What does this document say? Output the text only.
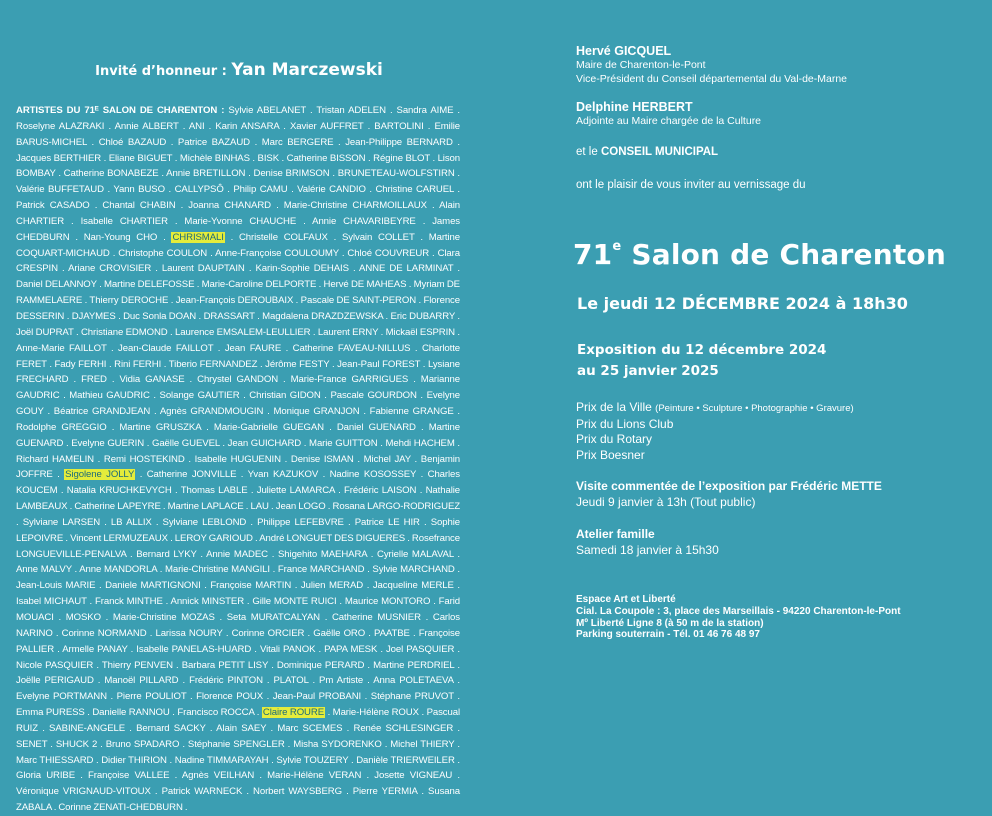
Invité d’honneur : Yan Marczewski
ARTISTES DU 71ᴱ SALON DE CHARENTON : Sylvie ABELANET . Tristan ADELEN . Sandra AIME . Roselyne ALAZRAKI . Annie ALBERT . ANI . Karin ANSARA . Xavier AUFFRET . BARTOLINI . Emilie BARUS-MICHEL . Chloé BAZAUD . Patrice BAZAUD . Marc BERGERE . Jean-Philippe BERNARD . Jacques BERTHIER . Eliane BIGUET . Michèle BINHAS . BISK . Catherine BISSON . Régine BLOT . Lison BOMBAY . Catherine BONABEZE . Annie BRETILLON . Denise BRIMSON . BRUNETEAU-WOLFSTIRN . Valérie BUFFETAUD . Yann BUSO . CALLYPSÔ . Philip CAMU . Valérie CANDIO . Christine CARUEL . Patrick CASADO . Chantal CHABIN . Joanna CHANARD . Marie-Christine CHARMOILLAUX . Alain CHARTIER . Isabelle CHARTIER . Marie-Yvonne CHAUCHE . Annie CHAVARIBEYRE . James CHEDBURN . Nan-Young CHO . CHRISMALI . Christelle COLFAUX . Sylvain COLLET . Martine COQUART-MICHAUD . Christophe COULON . Anne-Françoise COULOUMY . Chloé COUVREUR . Clara CRESPIN . Ariane CROVISIER . Laurent DAUPTAIN . Karin-Sophie DEHAIS . ANNE DE LARMINAT . Daniel DELANNOY . Martine DELEFOSSE . Marie-Caroline DELPORTE . Hervé DE MAHEAS . Myriam DE RAMMELAERE . Thierry DEROCHE . Jean-François DEROUBAIX . Pascale DE SAINT-PERON . Florence DESSERIN . DJAYMES . Duc Sonla DOAN . DRASSART . Magdalena DRAZDZEWSKA . Eric DUBARRY . Joël DUPRAT . Christiane EDMOND . Laurence EMSALEM-LEULLIER . Laurent ERNY . Mickaël ESPRIN . Anne-Marie FAILLOT . Jean-Claude FAILLOT . Jean FAURE . Catherine FAVEAU-NILLUS . Charlotte FERET . Fady FERHI . Rini FERHI . Tiberio FERNANDEZ . Jérôme FESTY . Jean-Paul FOREST . Lysiane FRECHARD . FRED . Vidia GANASE . Chrystel GANDON . Marie-France GARRIGUES . Marianne GAUDRIC . Mathieu GAUDRIC . Solange GAUTIER . Christian GIDON . Pascale GOURDON . Evelyne GOUY . Béatrice GRANDJEAN . Agnès GRANDMOUGIN . Monique GRANJON . Fabienne GRANGE . Rodolphe GREGGIO . Martine GRUSZKA . Marie-Gabrielle GUEGAN . Daniel GUENARD . Martine GUENARD . Evelyne GUERIN . Gaëlle GUEVEL . Jean GUICHARD . Marie GUITTON . Mehdi HACHEM . Richard HAMELIN . Remi HOSTEKIND . Isabelle HUGUENIN . Denise ISMAN . Michel JAY . Benjamin JOFFRE . Sigolene JOLLY . Catherine JONVILLE . Yvan KAZUKOV . Nadine KOSOSSEY . Charles KOUCEM . Natalia KRUCHKEVYCH . Thomas LABLE . Juliette LAMARCA . Frédéric LAISON . Nathalie LAMBEAUX . Catherine LAPEYRE . Martine LAPLACE . LAU . Jean LOGO . Rosana LARGO-RODRIGUEZ . Sylviane LARSEN . LB ALLIX . Sylviane LEBLOND . Philippe LEFEBVRE . Patrice LE HIR . Sophie LEPOIVRE . Vincent LERMUZEAUX . LEROY GARIOUD . André LONGUET DES DIGUERES . Rosefrance LONGUEVILLE-PENALVA . Bernard LYKY . Annie MADEC . Shigehito MAEHARA . Cyrielle MALAVAL . Anne MALVY . Anne MANDORLA . Marie-Christine MANGILI . France MARCHAND . Sylvie MARCHAND . Jean-Louis MARIE . Daniele MARTIGNONI . Françoise MARTIN . Julien MERAD . Jacqueline MERLE . Isabel MICHAUT . Franck MINTHE . Annick MINSTER . Gille MONTE RUICI . Maurice MONTORO . Farid MOUACI . MOSKO . Marie-Christine MOZAS . Seta MURATCALYAN . Catherine MUSNIER . Carlos NARINO . Corinne NORMAND . Larissa NOURY . Corinne ORCIER . Gaëlle ORO . PAATBE . Françoise PALLIER . Armelle PANAY . Isabelle PANELAS-HUARD . Vitali PANOK . PAPA MESK . Joel PASQUIER . Nicole PASQUIER . Thierry PENVEN . Barbara PETIT LISY . Dominique PERARD . Martine PERDRIEL . Joëlle PERIGAUD . Manoël PILLARD . Frédéric PINTON . PLATOL . Pm Artiste . Anna POLETAEVA . Evelyne PORTMANN . Pierre POULIOT . Florence POUX . Jean-Paul PROBANI . Stéphane PRUVOT . Emma PURESS . Danielle RANNOU . Francisco ROCCA . Claire ROURE . Marie-Hélène ROUX . Pascual RUIZ . SABINE-ANGELE . Bernard SACKY . Alain SAEY . Marc SCEMES . Renée SCHLESINGER . SENET . SHUCK 2 . Bruno SPADARO . Stéphanie SPENGLER . Misha SYDORENKO . Michel THIERY . Marc THIESSARD . Didier THIRION . Nadine TIMMARAYAH . Sylvie TOUZERY . Danièle TRIERWEILER . Gloria URIBE . Françoise VALLEE . Agnès VEILHAN . Marie-Hélène VERAN . Josette VIGNEAU . Véronique VRIGNAUD-VITOUX . Patrick WARNECK . Norbert WAYSBERG . Pierre YERMIA . Susana ZABALA . Corinne ZENATI-CHEDBURN .
Hervé GICQUEL
Maire de Charenton-le-Pont
Vice-Président du Conseil départemental du Val-de-Marne
Delphine HERBERT
Adjointe au Maire chargée de la Culture
et le CONSEIL MUNICIPAL
ont le plaisir de vous inviter au vernissage du
71e Salon de Charenton
Le jeudi 12 DÉCEMBRE 2024 à 18h30
Exposition du 12 décembre 2024
au 25 janvier 2025
Prix de la Ville (Peinture • Sculpture • Photographie • Gravure)
Prix du Lions Club
Prix du Rotary
Prix Boesner
Visite commentée de l’exposition par Frédéric METTE
Jeudi 9 janvier à 13h (Tout public)
Atelier famille
Samedi 18 janvier à 15h30
Espace Art et Liberté
Cial. La Coupole : 3, place des Marseillais - 94220 Charenton-le-Pont
Mº Liberté Ligne 8 (à 50 m de la station)
Parking souterrain - Tél. 01 46 76 48 97
